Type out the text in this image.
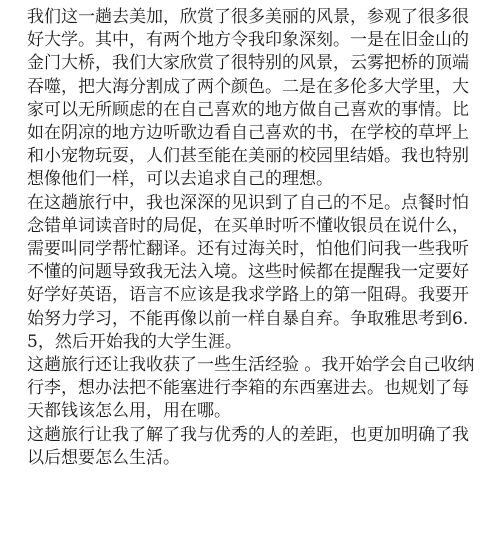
我们这一趟去美加，欣赏了很多美丽的风景，参观了很多很好大学。其中，有两个地方令我印象深刻。一是在旧金山的金门大桥，我们大家欣赏了很特别的风景，云雾把桥的顶端吞噬，把大海分割成了两个颜色。二是在多伦多大学里，大家可以无所顾虑的在自己喜欢的地方做自己喜欢的事情。比如在阴凉的地方边听歌边看自己喜欢的书，在学校的草坪上和小宠物玩耍，人们甚至能在美丽的校园里结婚。我也特别想像他们一样，可以去追求自己的理想。

在这趟旅行中，我也深深的见识到了自己的不足。点餐时怕念错单词读音时的局促，在买单时听不懂收银员在说什么，需要叫同学帮忙翻译。还有过海关时，怕他们问我一些我听不懂的问题导致我无法入境。这些时候都在提醒我一定要好好学好英语，语言不应该是我求学路上的第一阻碍。我要开始努力学习，不能再像以前一样自暴自弃。争取雅思考到6.5，然后开始我的大学生涯。

这趟旅行还让我收获了一些生活经验 。我开始学会自己收纳行李，想办法把不能塞进行李箱的东西塞进去。也规划了每天都钱该怎么用，用在哪。

这趟旅行让我了解了我与优秀的人的差距，也更加明确了我以后想要怎么生活。
